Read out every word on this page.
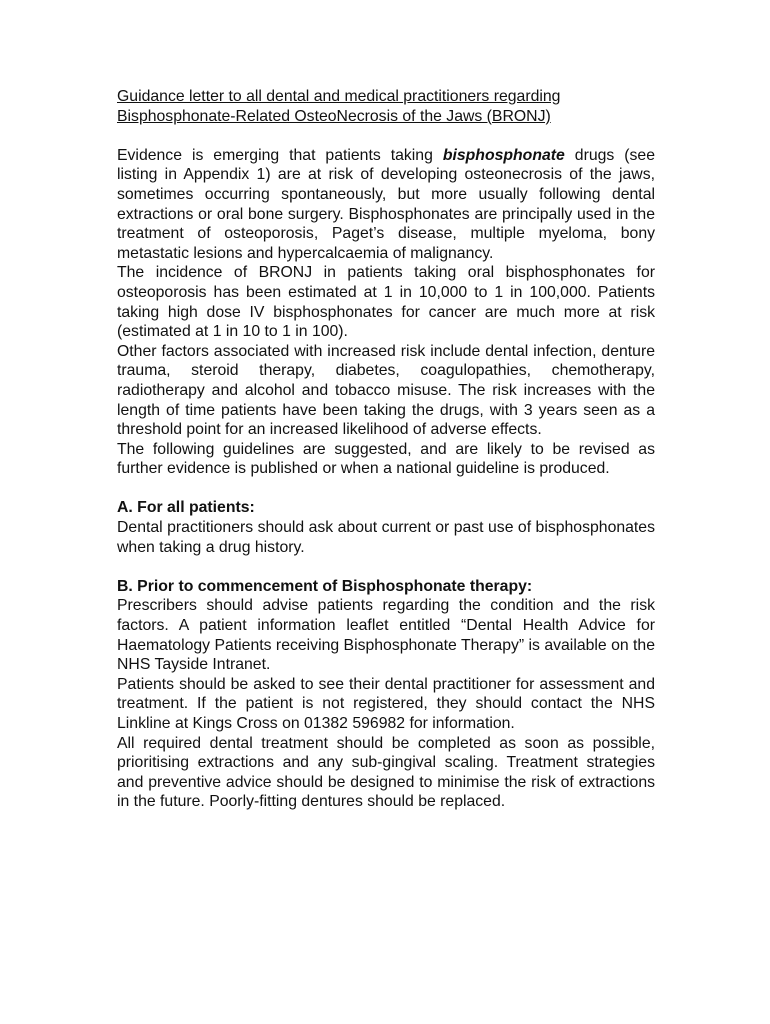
Guidance letter to all dental and medical practitioners regarding
Bisphosphonate-Related OsteoNecrosis of the Jaws (BRONJ)

Evidence is emerging that patients taking bisphosphonate drugs (see listing in Appendix 1) are at risk of developing osteonecrosis of the jaws, sometimes occurring spontaneously, but more usually following dental extractions or oral bone surgery. Bisphosphonates are principally used in the treatment of osteoporosis, Paget’s disease, multiple myeloma, bony metastatic lesions and hypercalcaemia of malignancy.

The incidence of BRONJ in patients taking oral bisphosphonates for osteoporosis has been estimated at 1 in 10,000 to 1 in 100,000. Patients taking high dose IV bisphosphonates for cancer are much more at risk (estimated at 1 in 10 to 1 in 100).

Other factors associated with increased risk include dental infection, denture trauma, steroid therapy, diabetes, coagulopathies, chemotherapy, radiotherapy and alcohol and tobacco misuse. The risk increases with the length of time patients have been taking the drugs, with 3 years seen as a threshold point for an increased likelihood of adverse effects.

The following guidelines are suggested, and are likely to be revised as further evidence is published or when a national guideline is produced.

A. For all patients:

Dental practitioners should ask about current or past use of bisphosphonates when taking a drug history.

B. Prior to commencement of Bisphosphonate therapy:

Prescribers should advise patients regarding the condition and the risk factors. A patient information leaflet entitled “Dental Health Advice for Haematology Patients receiving Bisphosphonate Therapy” is available on the NHS Tayside Intranet.

Patients should be asked to see their dental practitioner for assessment and treatment. If the patient is not registered, they should contact the NHS Linkline at Kings Cross on 01382 596982 for information.

All required dental treatment should be completed as soon as possible, prioritising extractions and any sub-gingival scaling. Treatment strategies and preventive advice should be designed to minimise the risk of extractions in the future. Poorly-fitting dentures should be replaced.
